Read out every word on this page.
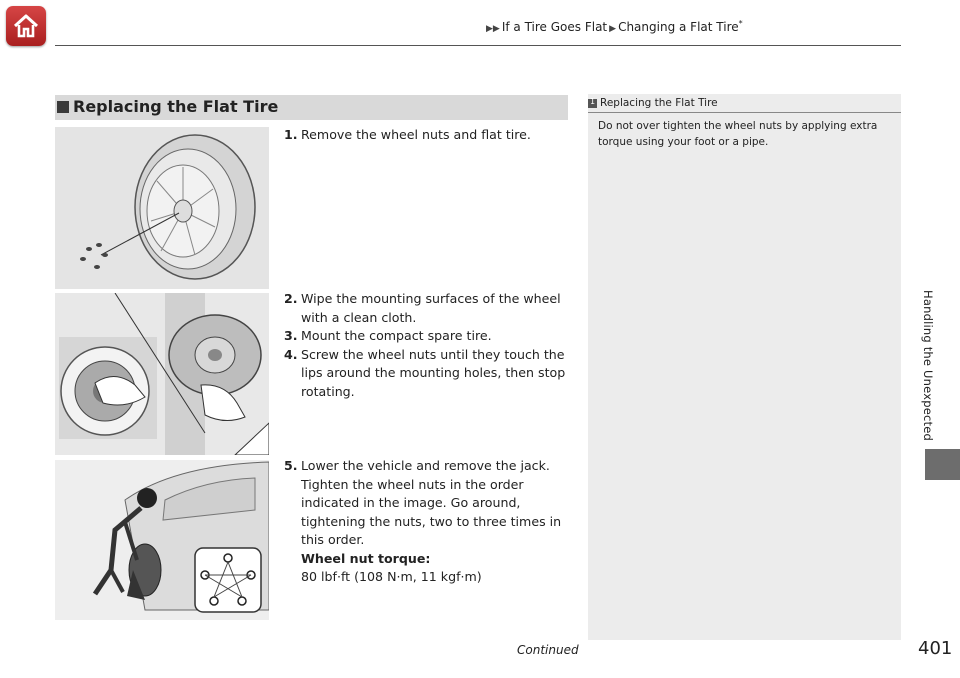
▶▶ If a Tire Goes Flat ▶ Changing a Flat Tire*
Handling the Unexpected
Replacing the Flat Tire
1. Remove the wheel nuts and flat tire.
2. Wipe the mounting surfaces of the wheel with a clean cloth.
3. Mount the compact spare tire.
4. Screw the wheel nuts until they touch the lips around the mounting holes, then stop rotating.
5. Lower the vehicle and remove the jack. Tighten the wheel nuts in the order indicated in the image. Go around, tightening the nuts, two to three times in this order.
Wheel nut torque:
80 lbf·ft (108 N·m, 11 kgf·m)
1
Replacing the Flat Tire
Do not over tighten the wheel nuts by applying extra torque using your foot or a pipe.
Continued	401
